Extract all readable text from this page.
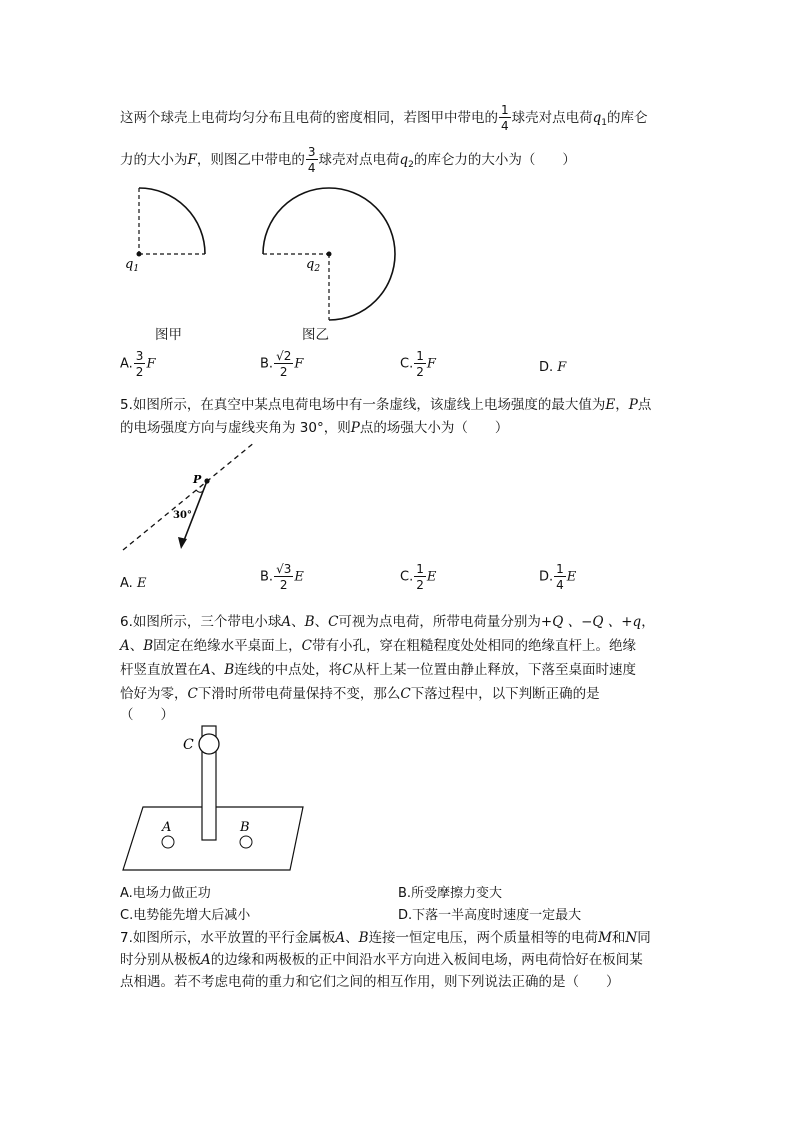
这两个球壳上电荷均匀分布且电荷的密度相同，若图甲中带电的 $\frac{1}{4}$ 球壳对点电荷$q_1$的库仑
力的大小为F，则图乙中带电的 $\frac{3}{4}$ 球壳对点电荷$q_2$的库仑力的大小为（　　）
$q_1$	$q_2$
图甲	图乙
A. $\frac{3}{2}$ F	B. $\frac{√2}{2}$ F	C. $\frac{1}{2}$ F	D. F
5.如图所示，在真空中某点电荷电场中有一条虚线，该虚线上电场强度的最大值为E，P点
的电场强度方向与虚线夹角为 30°，则P点的场强大小为（　　）
P
30°
A. E	B. $\frac{√3}{2}$ E	C. $\frac{1}{2}$ E	D. $\frac{1}{4}$ E
6.如图所示，三个带电小球A、B、C可视为点电荷，所带电荷量分别为+Q 、−Q 、+q，
A、B固定在绝缘水平桌面上，C带有小孔，穿在粗糙程度处处相同的绝缘直杆上。绝缘
杆竖直放置在A、B连线的中点处，将C从杆上某一位置由静止释放，下落至桌面时速度
恰好为零，C下滑时所带电荷量保持不变，那么C下落过程中，以下判断正确的是
（　　）
C
A	B
A.电场力做正功	B.所受摩擦力变大
C.电势能先增大后减小	D.下落一半高度时速度一定最大
7.如图所示，水平放置的平行金属板A、B连接一恒定电压，两个质量相等的电荷M和N同
时分别从极板A的边缘和两极板的正中间沿水平方向进入板间电场，两电荷恰好在板间某
点相遇。若不考虑电荷的重力和它们之间的相互作用，则下列说法正确的是（　　）
